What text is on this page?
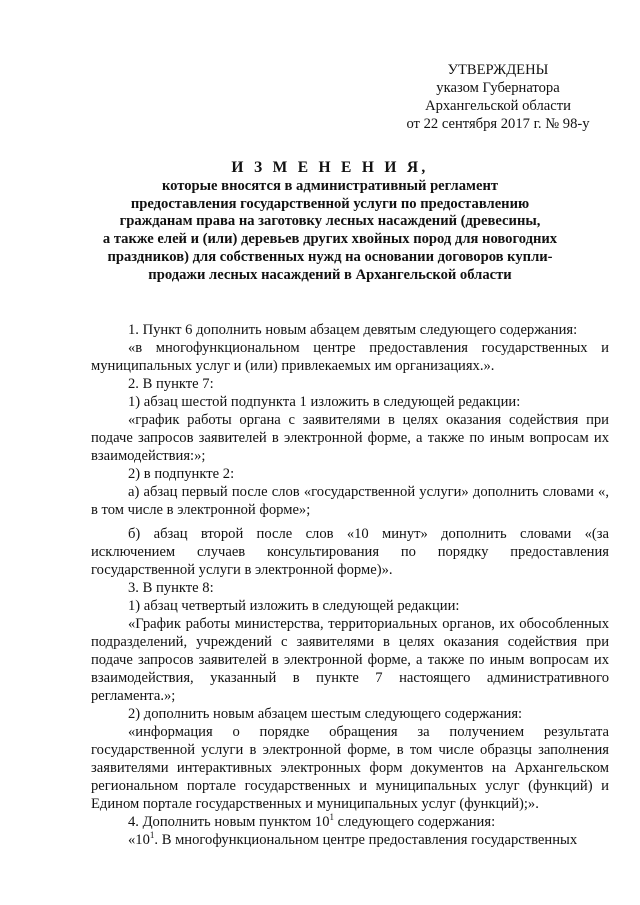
УТВЕРЖДЕНЫ
указом Губернатора
Архангельской области
от 22 сентября 2017 г. № 98-у
И З М Е Н Е Н И Я,
которые вносятся в административный регламент
предоставления государственной услуги по предоставлению
гражданам права на заготовку лесных насаждений (древесины,
а также елей и (или) деревьев других хвойных пород для новогодних
праздников) для собственных нужд на основании договоров купли-
продажи лесных насаждений в Архангельской области

1. Пункт 6 дополнить новым абзацем девятым следующего содержания:

«в многофункциональном центре предоставления государственных и муниципальных услуг и (или) привлекаемых им организациях.».

2. В пункте 7:

1) абзац шестой подпункта 1 изложить в следующей редакции:

«график работы органа с заявителями в целях оказания содействия при подаче запросов заявителей в электронной форме, а также по иным вопросам их взаимодействия:»;

2) в подпункте 2:

а) абзац первый после слов «государственной услуги» дополнить словами «, в том числе в электронной форме»;

б) абзац второй после слов «10 минут» дополнить словами «(за исключением случаев консультирования по порядку предоставления государственной услуги в электронной форме)».

3. В пункте 8:

1) абзац четвертый изложить в следующей редакции:

«График работы министерства, территориальных органов, их обособленных подразделений, учреждений с заявителями в целях оказания содействия при подаче запросов заявителей в электронной форме, а также по иным вопросам их взаимодействия, указанный в пункте 7 настоящего административного регламента.»;

2) дополнить новым абзацем шестым следующего содержания:

«информация о порядке обращения за получением результата государственной услуги в электронной форме, в том числе образцы заполнения заявителями интерактивных электронных форм документов на Архангельском региональном портале государственных и муниципальных услуг (функций) и Едином портале государственных и муниципальных услуг (функций);».

4. Дополнить новым пунктом $10^1$ следующего содержания:

«$10^1$. В многофункциональном центре предоставления государственных
